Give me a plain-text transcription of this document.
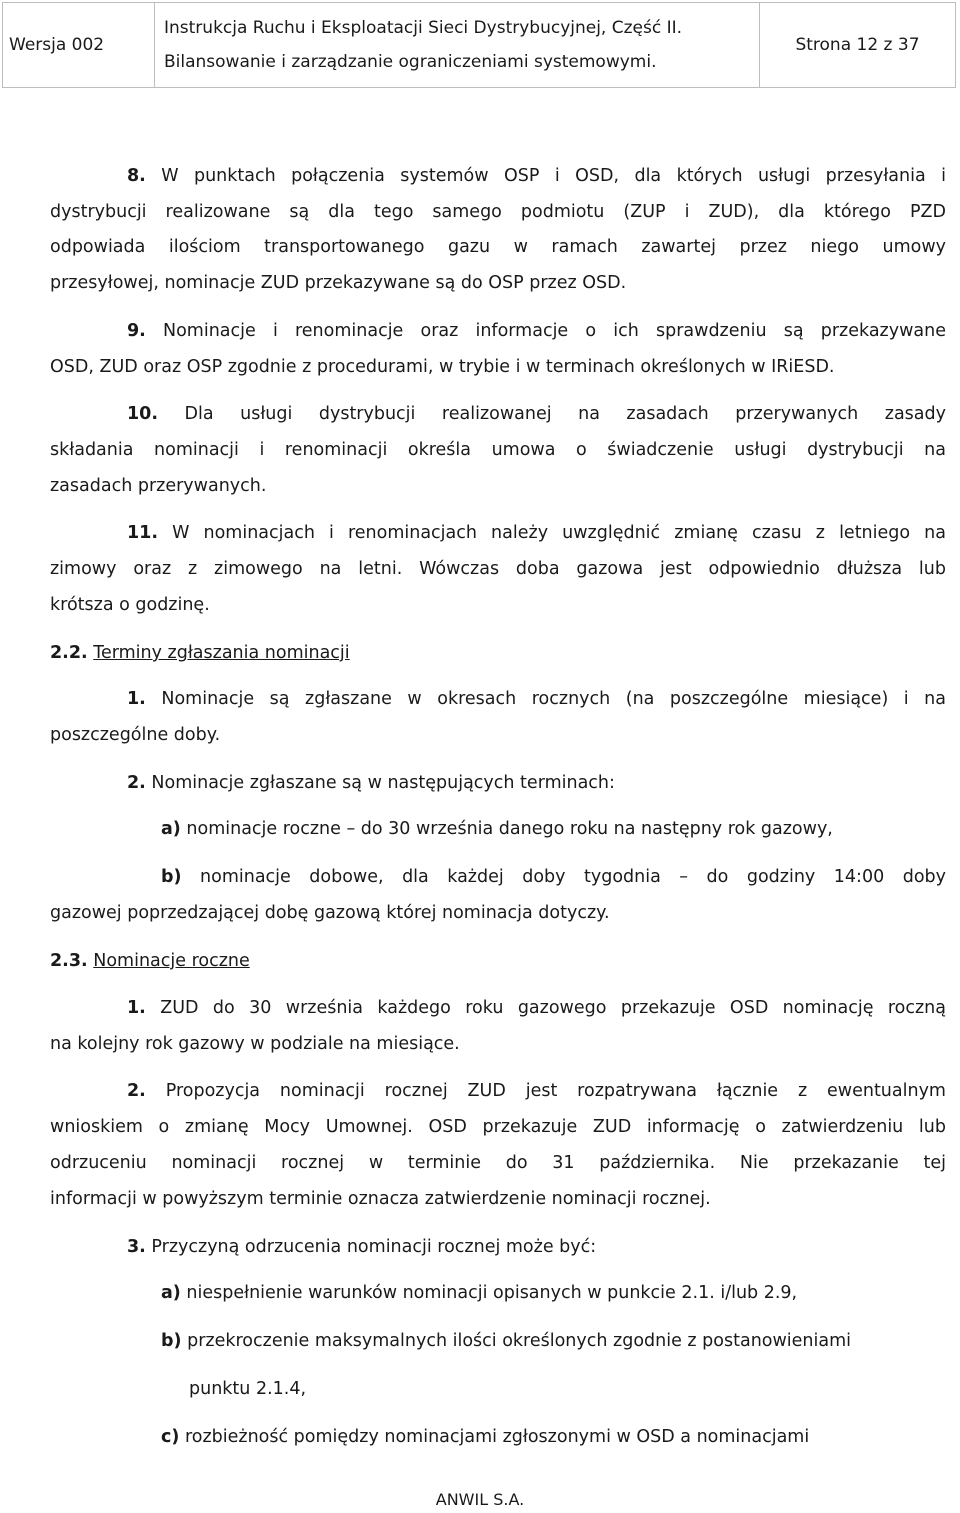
Wersja 002
Instrukcja Ruchu i Eksploatacji Sieci Dystrybucyjnej, Część II.
Bilansowanie i zarządzanie ograniczeniami systemowymi.
Strona 12 z 37
8. W punktach połączenia systemów OSP i OSD, dla których usługi przesyłania i
dystrybucji realizowane są dla tego samego podmiotu (ZUP i ZUD), dla którego PZD
odpowiada ilościom transportowanego gazu w ramach zawartej przez niego umowy
przesyłowej, nominacje ZUD przekazywane są do OSP przez OSD.
9. Nominacje i renominacje oraz informacje o ich sprawdzeniu są przekazywane
OSD, ZUD oraz OSP zgodnie z procedurami, w trybie i w terminach określonych w IRiESD.
10. Dla usługi dystrybucji realizowanej na zasadach przerywanych zasady
składania nominacji i renominacji określa umowa o świadczenie usługi dystrybucji na
zasadach przerywanych.
11. W nominacjach i renominacjach należy uwzględnić zmianę czasu z letniego na
zimowy oraz z zimowego na letni. Wówczas doba gazowa jest odpowiednio dłuższa lub
krótsza o godzinę.
2.2. Terminy zgłaszania nominacji
1. Nominacje są zgłaszane w okresach rocznych (na poszczególne miesiące) i na
poszczególne doby.
2. Nominacje zgłaszane są w następujących terminach:
a) nominacje roczne – do 30 września danego roku na następny rok gazowy,
b) nominacje dobowe, dla każdej doby tygodnia – do godziny 14:00 doby
gazowej poprzedzającej dobę gazową której nominacja dotyczy.
2.3. Nominacje roczne
1. ZUD do 30 września każdego roku gazowego przekazuje OSD nominację roczną
na kolejny rok gazowy w podziale na miesiące.
2. Propozycja nominacji rocznej ZUD jest rozpatrywana łącznie z ewentualnym
wnioskiem o zmianę Mocy Umownej. OSD przekazuje ZUD informację o zatwierdzeniu lub
odrzuceniu nominacji rocznej w terminie do 31 października. Nie przekazanie tej
informacji w powyższym terminie oznacza zatwierdzenie nominacji rocznej.
3. Przyczyną odrzucenia nominacji rocznej może być:
a) niespełnienie warunków nominacji opisanych w punkcie 2.1. i/lub 2.9,
b) przekroczenie maksymalnych ilości określonych zgodnie z postanowieniami
punktu 2.1.4,
c) rozbieżność pomiędzy nominacjami zgłoszonymi w OSD a nominacjami
ANWIL S.A.
